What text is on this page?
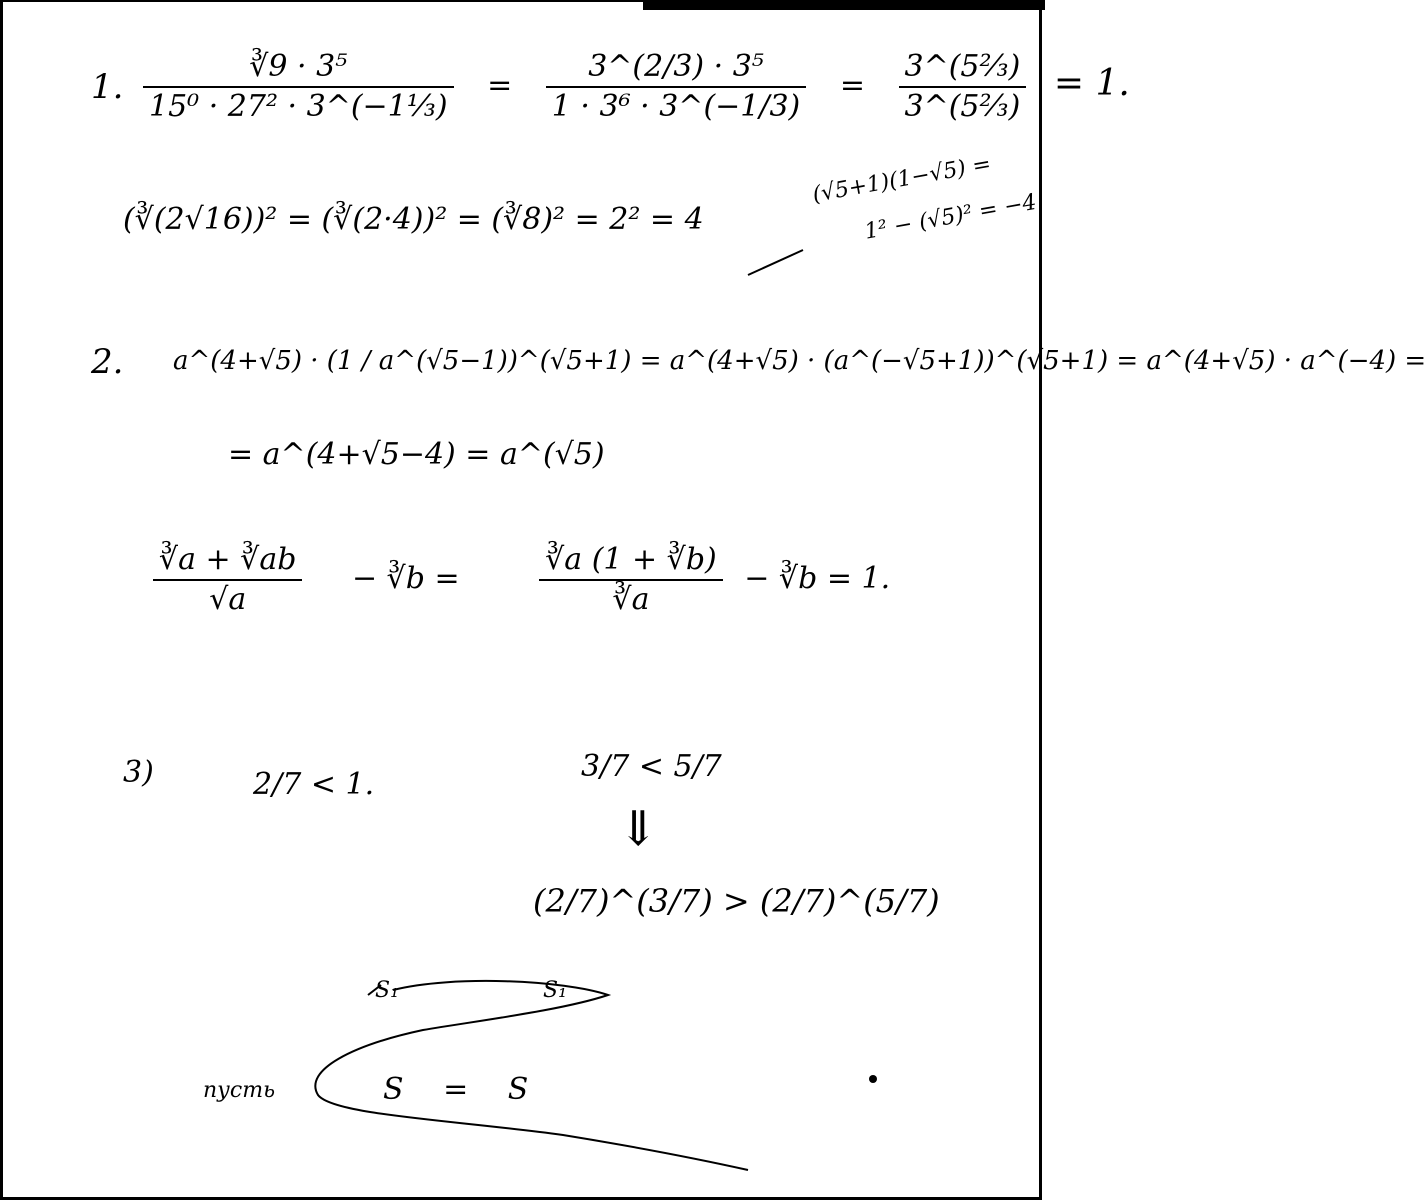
1. $\frac{\text{∛9 · 3⁵}}{\text{15⁰ · 27² · 3\textasciicircum{}(−1⅓)}} = \frac{\text{3\textasciicircum{}(2/3) · 3⁵}}{\text{1 · 3⁶ · 3\textasciicircum{}(−1/3)}} = \frac{\text{3\textasciicircum{}(5⅔)}}{\text{3\textasciicircum{}(5⅔)}} = 1$.
(∛(2√16))² = (∛(2·4))² = (∛8)² = 2² = 4
(√5+1)(1−√5) =
1² − (√5)² = −4
2. a^(4+√5) · (1 / a^(√5−1))^(√5+1) = a^(4+√5) · (a^(−√5+1))^(√5+1) = a^(4+√5) · a^(−4) =
= a^(4+√5−4) = a^(√5)
$\frac{∛a + ∛ab}{√a}$ − ∛b =	$\frac{∛a (1 + ∛b)}{∛a}$ − ∛b = 1.
3)	2/7 < 1.
3/7 < 5/7
⇓
(2/7)^(3/7) > (2/7)^(5/7)
S₁	S₁
пусть	S = S
